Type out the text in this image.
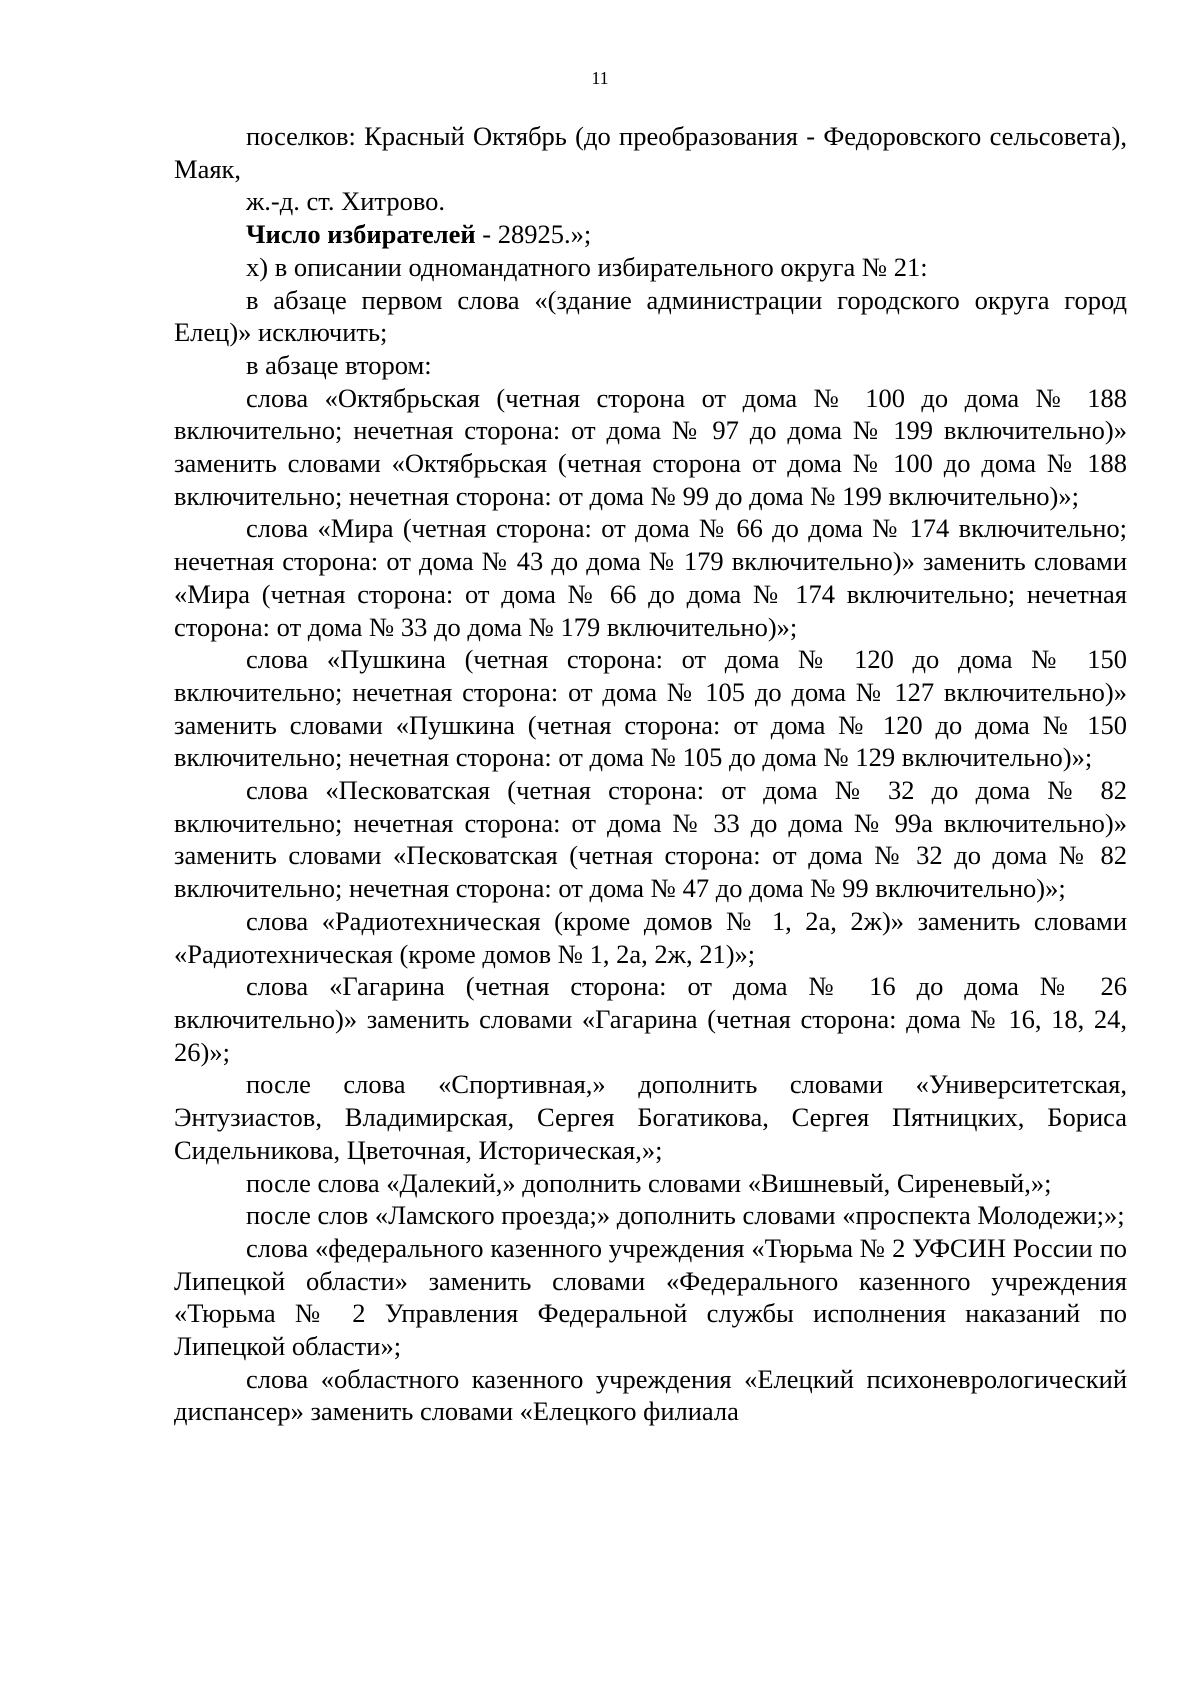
11

поселков: Красный Октябрь (до преобразования - Федоровского сельсовета), Маяк,

ж.-д. ст. Хитрово.

Число избирателей - 28925.»;

х) в описании одномандатного избирательного округа № 21:

в абзаце первом слова «(здание администрации городского округа город Елец)» исключить;

в абзаце втором:

слова «Октябрьская (четная сторона от дома № 100 до дома № 188 включительно; нечетная сторона: от дома № 97 до дома № 199 включительно)» заменить словами «Октябрьская (четная сторона от дома № 100 до дома № 188 включительно; нечетная сторона: от дома № 99 до дома № 199 включительно)»;

слова «Мира (четная сторона: от дома № 66 до дома № 174 включительно; нечетная сторона: от дома № 43 до дома № 179 включительно)» заменить словами «Мира (четная сторона: от дома № 66 до дома № 174 включительно; нечетная сторона: от дома № 33 до дома № 179 включительно)»;

слова «Пушкина (четная сторона: от дома № 120 до дома № 150 включительно; нечетная сторона: от дома № 105 до дома № 127 включительно)» заменить словами «Пушкина (четная сторона: от дома № 120 до дома № 150 включительно; нечетная сторона: от дома № 105 до дома № 129 включительно)»;

слова «Песковатская (четная сторона: от дома № 32 до дома № 82 включительно; нечетная сторона: от дома № 33 до дома № 99а включительно)» заменить словами «Песковатская (четная сторона: от дома № 32 до дома № 82 включительно; нечетная сторона: от дома № 47 до дома № 99 включительно)»;

слова «Радиотехническая (кроме домов № 1, 2а, 2ж)» заменить словами «Радиотехническая (кроме домов № 1, 2а, 2ж, 21)»;

слова «Гагарина (четная сторона: от дома № 16 до дома № 26 включительно)» заменить словами «Гагарина (четная сторона: дома № 16, 18, 24, 26)»;

после слова «Спортивная,» дополнить словами «Университетская, Энтузиастов, Владимирская, Сергея Богатикова, Сергея Пятницких, Бориса Сидельникова, Цветочная, Историческая,»;

после слова «Далекий,» дополнить словами «Вишневый, Сиреневый,»;

после слов «Ламского проезда;» дополнить словами «проспекта Молодежи;»;

слова «федерального казенного учреждения «Тюрьма № 2 УФСИН России по Липецкой области» заменить словами «Федерального казенного учреждения «Тюрьма № 2 Управления Федеральной службы исполнения наказаний по Липецкой области»;

слова «областного казенного учреждения «Елецкий психоневрологический диспансер» заменить словами «Елецкого филиала
